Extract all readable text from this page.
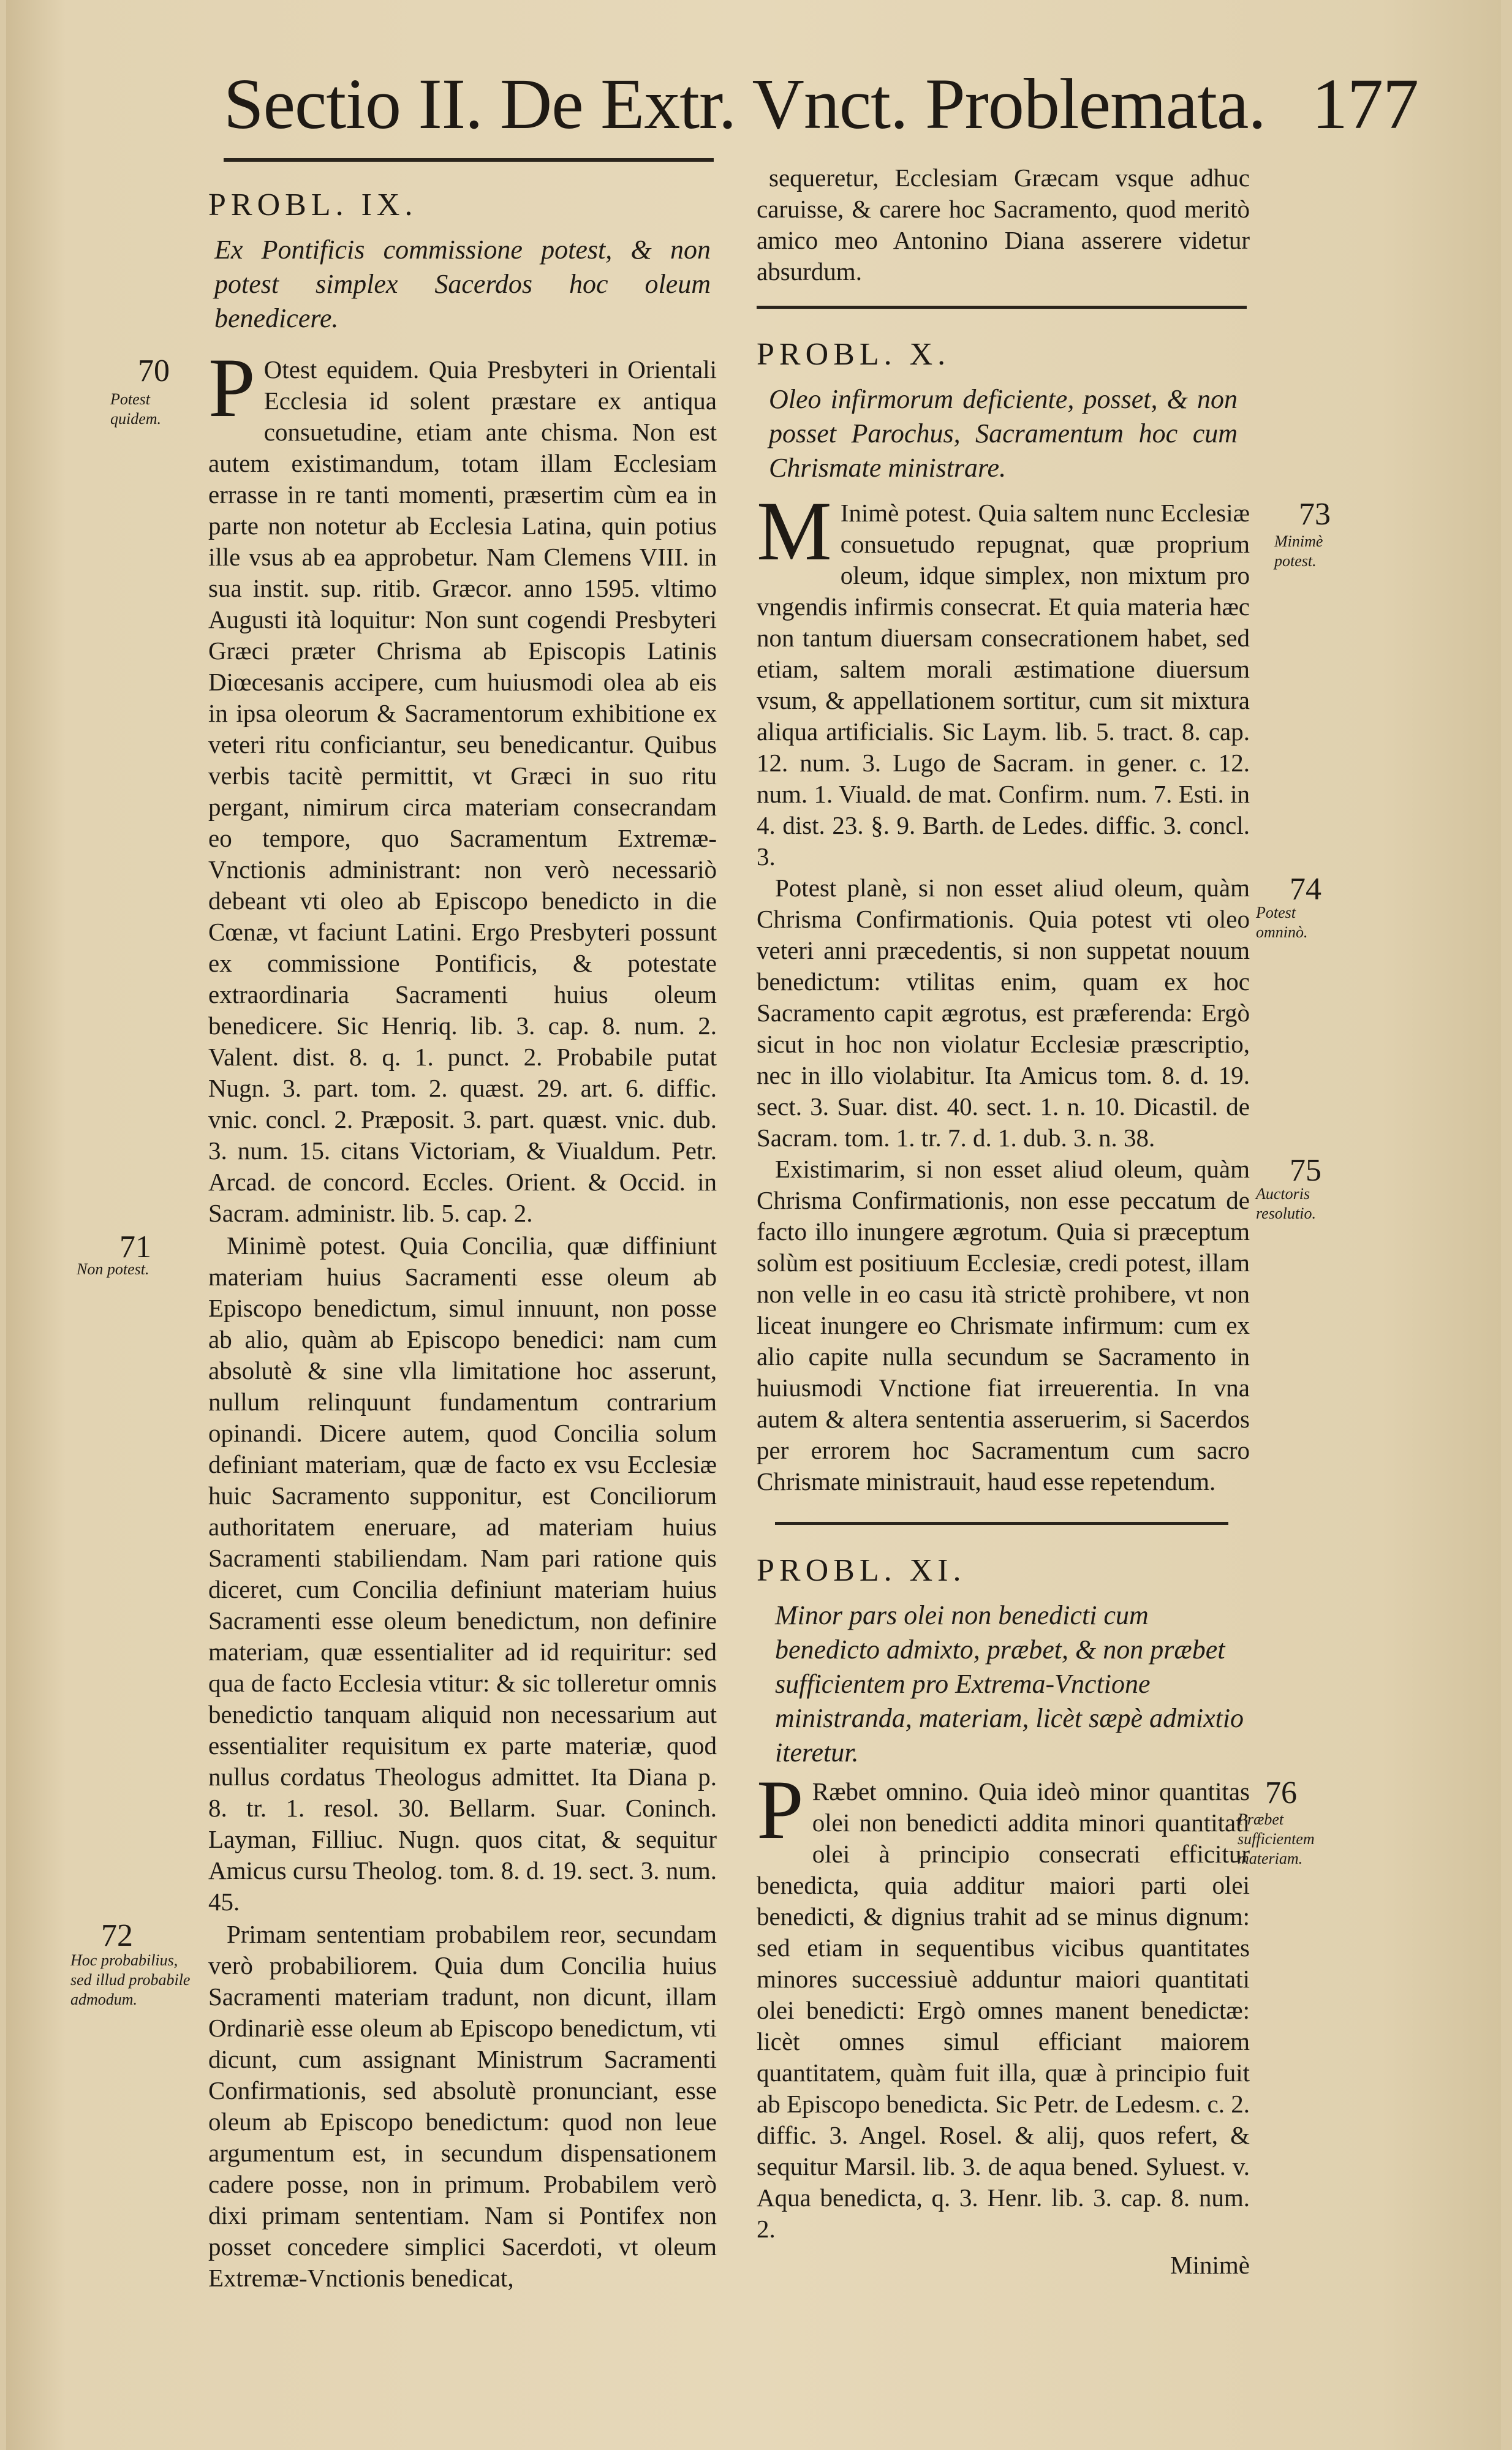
Sectio II. De Extr. Vnct. Problemata. 177

PROBL. IX.

Ex Pontificis commissione potest, & non potest simplex Sacerdos hoc oleum benedicere.

70
Potest quidem. P Otest equidem. Quia Presbyteri in Orientali Ecclesia id solent præstare ex antiqua consuetudine, etiam ante chisma. Non est autem existimandum, totam illam Ecclesiam errasse in re tanti momenti, præsertim cùm ea in parte non notetur ab Ecclesia Latina, quin potius ille vsus ab ea approbetur. Nam Clemens VIII. in sua instit. sup. ritib. Græcor. anno 1595. vltimo Augusti ità loquitur: Non sunt cogendi Presbyteri Græci præter Chrisma ab Episcopis Latinis Diœcesanis accipere, cum huiusmodi olea ab eis in ipsa oleorum & Sacramentorum exhibitione ex veteri ritu conficiantur, seu benedicantur. Quibus verbis tacitè permittit, vt Græci in suo ritu pergant, nimirum circa materiam consecrandam eo tempore, quo Sacramentum Extremæ-Vnctionis administrant: non verò necessariò debeant vti oleo ab Episcopo benedicto in die Cœnæ, vt faciunt Latini. Ergo Presbyteri possunt ex commissione Pontificis, & potestate extraordinaria Sacramenti huius oleum benedicere. Sic Henriq. lib. 3. cap. 8. num. 2. Valent. dist. 8. q. 1. punct. 2. Probabile putat Nugn. 3. part. tom. 2. quæst. 29. art. 6. diffic. vnic. concl. 2. Præposit. 3. part. quæst. vnic. dub. 3. num. 15. citans Victoriam, & Viualdum. Petr. Arcad. de concord. Eccles. Orient. & Occid. in Sacram. administr. lib. 5. cap. 2.

71
Non potest.

Minimè potest. Quia Concilia, quæ diffiniunt materiam huius Sacramenti esse oleum ab Episcopo benedictum, simul innuunt, non posse ab alio, quàm ab Episcopo benedici: nam cum absolutè & sine vlla limitatione hoc asserunt, nullum relinquunt fundamentum contrarium opinandi. Dicere autem, quod Concilia solum definiant materiam, quæ de facto ex vsu Ecclesiæ huic Sacramento supponitur, est Conciliorum authoritatem eneruare, ad materiam huius Sacramenti stabiliendam. Nam pari ratione quis diceret, cum Concilia definiunt materiam huius Sacramenti esse oleum benedictum, non definire materiam, quæ essentialiter ad id requiritur: sed qua de facto Ecclesia vtitur: & sic tolleretur omnis benedictio tanquam aliquid non necessarium aut essentialiter requisitum ex parte materiæ, quod nullus cordatus Theologus admittet. Ita Diana p. 8. tr. 1. resol. 30. Bellarm. Suar. Coninch. Layman, Filliuc. Nugn. quos citat, & sequitur Amicus cursu Theolog. tom. 8. d. 19. sect. 3. num. 45.

72
Hoc probabilius, sed illud probabile admodum.

Primam sententiam probabilem reor, secundam verò probabiliorem. Quia dum Concilia huius Sacramenti materiam tradunt, non dicunt, illam Ordinariè esse oleum ab Episcopo benedictum, vti dicunt, cum assignant Ministrum Sacramenti Confirmationis, sed absolutè pronunciant, esse oleum ab Episcopo benedictum: quod non leue argumentum est, in secundum dispensationem cadere posse, non in primum. Probabilem verò dixi primam sententiam. Nam si Pontifex non posset concedere simplici Sacerdoti, vt oleum Extremæ-Vnctionis benedicat,

sequeretur, Ecclesiam Græcam vsque adhuc caruisse, & carere hoc Sacramento, quod meritò amico meo Antonino Diana asserere videtur absurdum.

PROBL. X.

Oleo infirmorum deficiente, posset, & non posset Parochus, Sacramentum hoc cum Chrismate ministrare.

73
Minimè potest.

M Inimè potest. Quia saltem nunc Ecclesiæ consuetudo repugnat, quæ proprium oleum, idque simplex, non mixtum pro vngendis infirmis consecrat. Et quia materia hæc non tantum diuersam consecrationem habet, sed etiam, saltem morali æstimatione diuersum vsum, & appellationem sortitur, cum sit mixtura aliqua artificialis. Sic Laym. lib. 5. tract. 8. cap. 12. num. 3. Lugo de Sacram. in gener. c. 12. num. 1. Viuald. de mat. Confirm. num. 7. Esti. in 4. dist. 23. §. 9. Barth. de Ledes. diffic. 3. concl. 3.

74
Potest omninò.

Potest planè, si non esset aliud oleum, quàm Chrisma Confirmationis. Quia potest vti oleo veteri anni præcedentis, si non suppetat nouum benedictum: vtilitas enim, quam ex hoc Sacramento capit ægrotus, est præferenda: Ergò sicut in hoc non violatur Ecclesiæ præscriptio, nec in illo violabitur. Ita Amicus tom. 8. d. 19. sect. 3. Suar. dist. 40. sect. 1. n. 10. Dicastil. de Sacram. tom. 1. tr. 7. d. 1. dub. 3. n. 38.

75
Auctoris resolutio.

Existimarim, si non esset aliud oleum, quàm Chrisma Confirmationis, non esse peccatum de facto illo inungere ægrotum. Quia si præceptum solùm est positiuum Ecclesiæ, credi potest, illam non velle in eo casu ità strictè prohibere, vt non liceat inungere eo Chrismate infirmum: cum ex alio capite nulla secundum se Sacramento in huiusmodi Vnctione fiat irreuerentia. In vna autem & altera sententia asseruerim, si Sacerdos per errorem hoc Sacramentum cum sacro Chrismate ministrauit, haud esse repetendum.

PROBL. XI.

Minor pars olei non benedicti cum benedicto admixto, præbet, & non præbet sufficientem pro Extrema-Vnctione ministranda, materiam, licèt sæpè admixtio iteretur.

76
Præbet sufficientem materiam.

P Ræbet omnino. Quia ideò minor quantitas olei non benedicti addita minori quantitati olei à principio consecrati efficitur benedicta, quia additur maiori parti olei benedicti, & dignius trahit ad se minus dignum: sed etiam in sequentibus vicibus quantitates minores successiuè adduntur maiori quantitati olei benedicti: Ergò omnes manent benedictæ: licèt omnes simul efficiant maiorem quantitatem, quàm fuit illa, quæ à principio fuit ab Episcopo benedicta. Sic Petr. de Ledesm. c. 2. diffic. 3. Angel. Rosel. & alij, quos refert, & sequitur Marsil. lib. 3. de aqua bened. Syluest. v. Aqua benedicta, q. 3. Henr. lib. 3. cap. 8. num. 2.

Minimè
